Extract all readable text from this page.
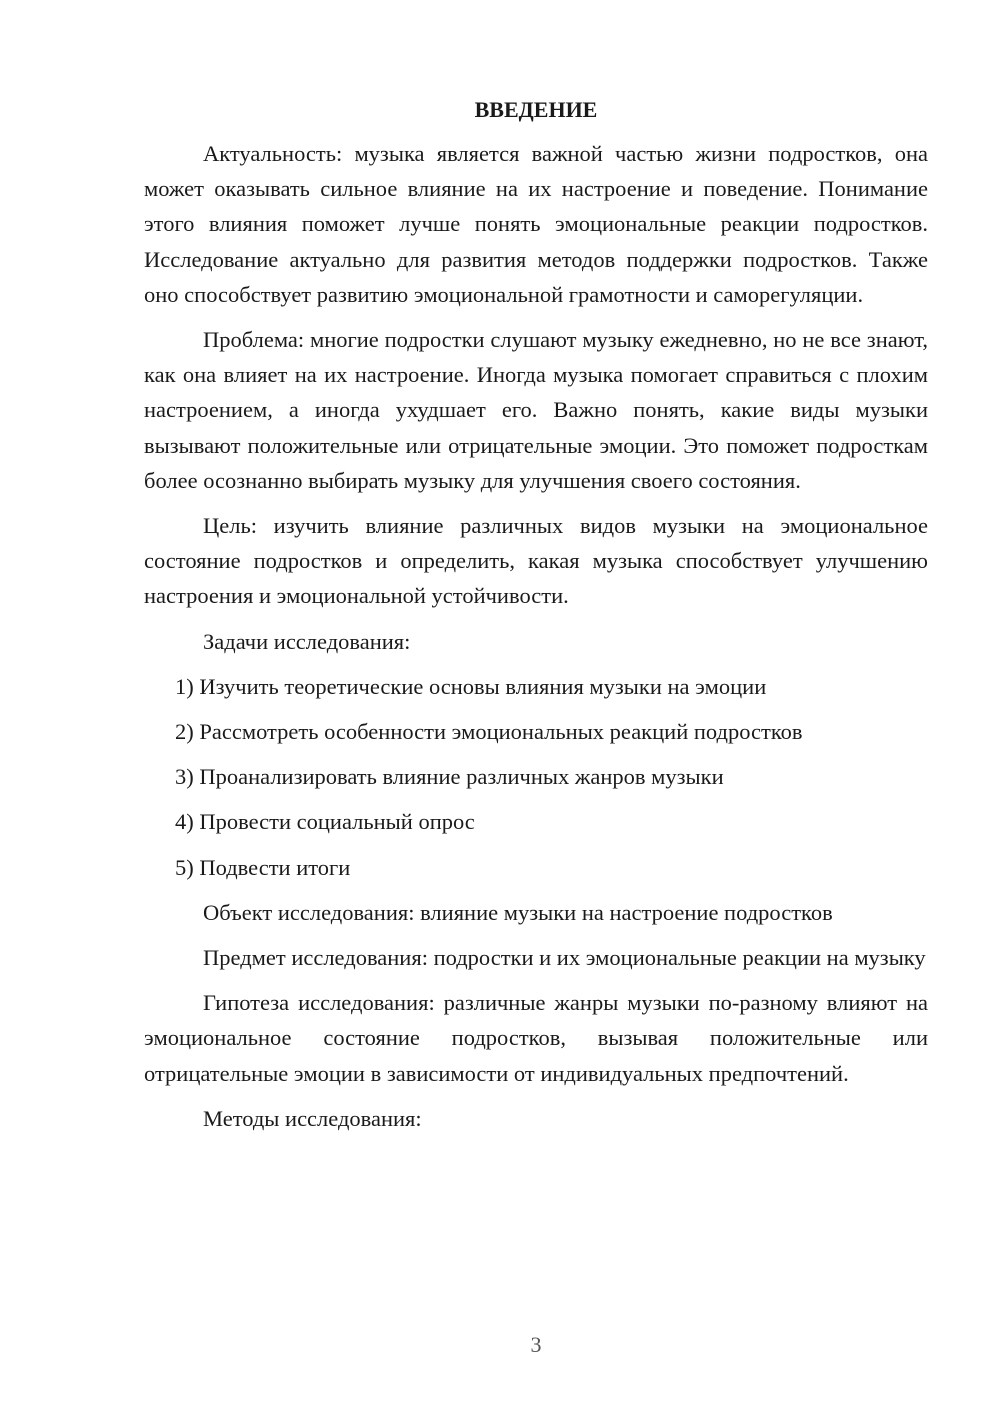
ВВЕДЕНИЕ

Актуальность: музыка является важной частью жизни подростков, она может оказывать сильное влияние на их настроение и поведение. Понимание этого влияния поможет лучше понять эмоциональные реакции подростков. Исследование актуально для развития методов поддержки подростков. Также оно способствует развитию эмоциональной грамотности и саморегуляции.

Проблема: многие подростки слушают музыку ежедневно, но не все знают, как она влияет на их настроение. Иногда музыка помогает справиться с плохим настроением, а иногда ухудшает его. Важно понять, какие виды музыки вызывают положительные или отрицательные эмоции. Это поможет подросткам более осознанно выбирать музыку для улучшения своего состояния.

Цель: изучить влияние различных видов музыки на эмоциональное состояние подростков и определить, какая музыка способствует улучшению настроения и эмоциональной устойчивости.

Задачи исследования:

1) Изучить теоретические основы влияния музыки на эмоции
2) Рассмотреть особенности эмоциональных реакций подростков
3) Проанализировать влияние различных жанров музыки
4) Провести социальный опрос
5) Подвести итоги

Объект исследования: влияние музыки на настроение подростков

Предмет исследования: подростки и их эмоциональные реакции на музыку

Гипотеза исследования: различные жанры музыки по-разному влияют на эмоциональное состояние подростков, вызывая положительные или отрицательные эмоции в зависимости от индивидуальных предпочтений.

Методы исследования:

3
